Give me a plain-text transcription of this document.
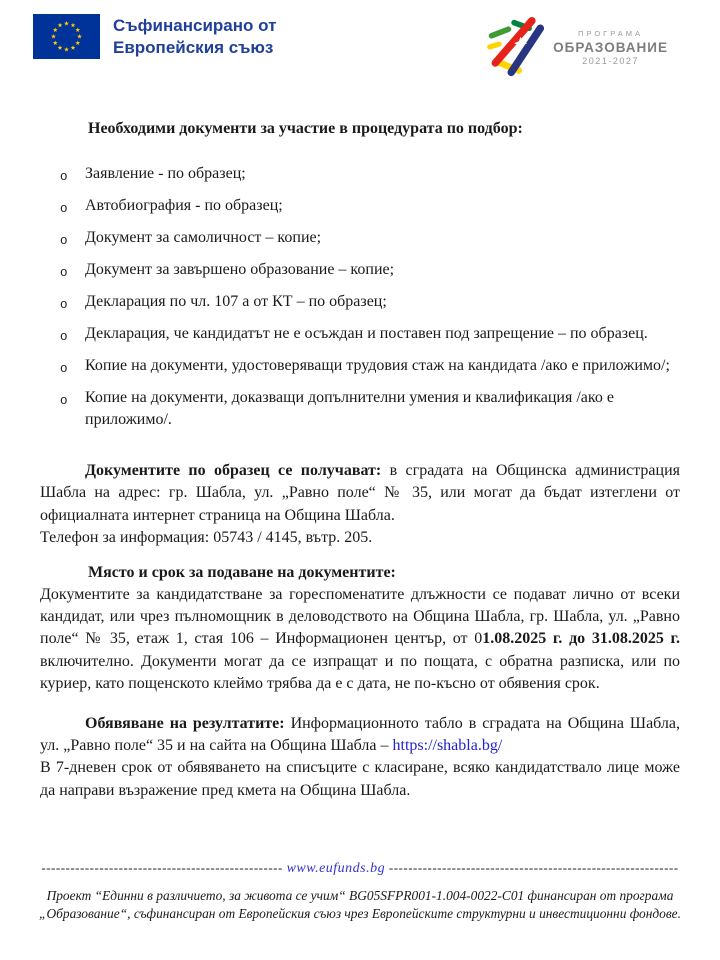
Съфинансирано от
Европейския съюз
ПРОГРАМА
ОБРАЗОВАНИЕ
2021-2027

Необходими документи за участие в процедурата по подбор:

o Заявление - по образец;
o Автобиография - по образец;
o Документ за самоличност – копие;
o Документ за завършено образование – копие;
o Декларация по чл. 107 а от КТ – по образец;
o Декларация, че кандидатът не е осъждан и поставен под запрещение – по образец.
o Копие на документи, удостоверяващи трудовия стаж на кандидата /ако е приложимо/;
o Копие на документи, доказващи допълнителни умения и квалификация /ако е приложимо/.

Документите по образец се получават: в сградата на Общинска администрация Шабла на адрес: гр. Шабла, ул. „Равно поле“ № 35, или могат да бъдат изтеглени от официалната интернет страница на Община Шабла.

Телефон за информация: 05743 / 4145, вътр. 205.

Място и срок за подаване на документите:

Документите за кандидатстване за гореспоменатите длъжности се подават лично от всеки кандидат, или чрез пълномощник в деловодството на Община Шабла, гр. Шабла, ул. „Равно поле“ № 35, етаж 1, стая 106 – Информационен център, от 01.08.2025 г. до 31.08.2025 г. включително. Документи могат да се изпращат и по пощата, с обратна разписка, или по куриер, като пощенското клеймо трябва да е с дата, не по-късно от обявения срок.

Обявяване на резултатите: Информационното табло в сградата на Община Шабла, ул. „Равно поле“ 35 и на сайта на Община Шабла – https://shabla.bg/

В 7-дневен срок от обявяването на списъците с класиране, всяко кандидатствало лице може да направи възражение пред кмета на Община Шабла.

-------------------------------------------------- www.eufunds.bg ------------------------------------------------------------
Проект “Единни в различието, за живота се учим“ BG05SFPR001-1.004-0022-C01 финансиран от програма „Образование“, съфинансиран от Европейския съюз чрез Европейските структурни и инвестиционни фондове.
